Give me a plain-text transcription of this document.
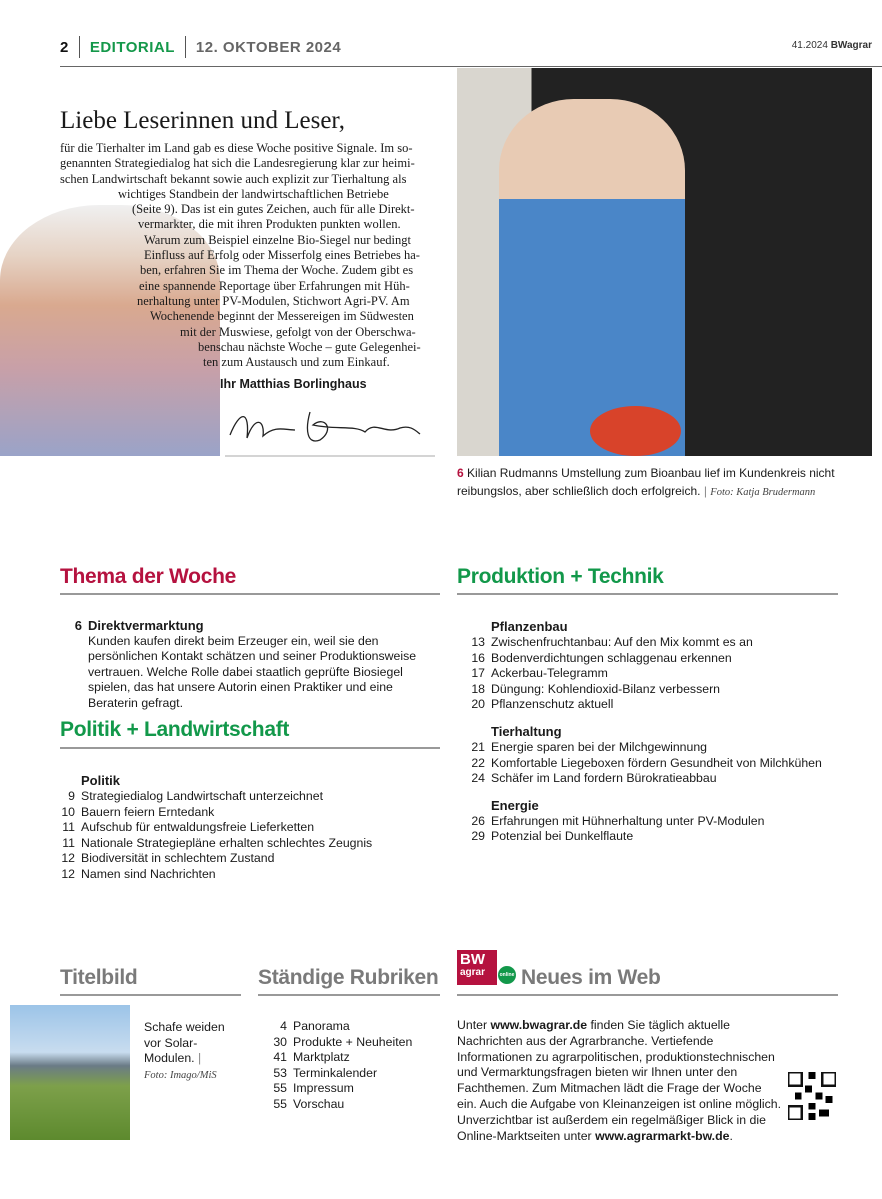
2 EDITORIAL 12. OKTOBER 2024	41.2024 BWagrar
Liebe Leserinnen und Leser,
für die Tierhalter im Land gab es diese Woche positive Signale. Im so-
genannten Strategiedialog hat sich die Landesregierung klar zur heimi-
schen Landwirtschaft bekannt sowie auch explizit zur Tierhaltung als
wichtiges Standbein der landwirtschaftlichen Betriebe
(Seite 9). Das ist ein gutes Zeichen, auch für alle Direkt-
vermarkter, die mit ihren Produkten punkten wollen.
Warum zum Beispiel einzelne Bio-Siegel nur bedingt
Einfluss auf Erfolg oder Misserfolg eines Betriebes ha-
ben, erfahren Sie im Thema der Woche. Zudem gibt es
eine spannende Reportage über Erfahrungen mit Hüh-
nerhaltung unter PV-Modulen, Stichwort Agri-PV. Am
Wochenende beginnt der Messereigen im Südwesten
mit der Muswiese, gefolgt von der Oberschwa-
benschau nächste Woche – gute Gelegenhei-
ten zum Austausch und zum Einkauf.
Ihr Matthias Borlinghaus
6 Kilian Rudmanns Umstellung zum Bioanbau lief im Kundenkreis nicht reibungslos, aber schließlich doch erfolgreich. | Foto: Katja Brudermann
Thema der Woche
6 Direktvermarktung
Kunden kaufen direkt beim Erzeuger ein, weil sie den persönlichen Kontakt schätzen und seiner Produktionsweise vertrauen. Welche Rolle dabei staatlich geprüfte Biosiegel spielen, das hat unsere Autorin einen Praktiker und eine Beraterin gefragt.
Politik + Landwirtschaft
Politik
9 Strategiedialog Landwirtschaft unterzeichnet
10 Bauern feiern Erntedank
11 Aufschub für entwaldungsfreie Lieferketten
11 Nationale Strategiepläne erhalten schlechtes Zeugnis
12 Biodiversität in schlechtem Zustand
12 Namen sind Nachrichten
Produktion + Technik
Pflanzenbau
13 Zwischenfruchtanbau: Auf den Mix kommt es an
16 Bodenverdichtungen schlaggenau erkennen
17 Ackerbau-Telegramm
18 Düngung: Kohlendioxid-Bilanz verbessern
20 Pflanzenschutz aktuell
Tierhaltung
21 Energie sparen bei der Milchgewinnung
22 Komfortable Liegeboxen fördern Gesundheit von Milchkühen
24 Schäfer im Land fordern Bürokratieabbau
Energie
26 Erfahrungen mit Hühnerhaltung unter PV-Modulen
29 Potenzial bei Dunkelflaute
Titelbild
Schafe weiden vor Solar-Modulen. |
Foto: Imago/MiS
Ständige Rubriken
4 Panorama
30 Produkte + Neuheiten
41 Marktplatz
53 Terminkalender
55 Impressum
55 Vorschau
BW
agrar	online Neues im Web
Unter www.bwagrar.de finden Sie täglich aktuelle Nachrichten aus der Agrarbranche. Vertiefende Informationen zu agrarpolitischen, produktionstechnischen und Vermarktungsfragen bieten wir Ihnen unter den Fachthemen. Zum Mitmachen lädt die Frage der Woche ein. Auch die Aufgabe von Kleinanzeigen ist online möglich. Unverzichtbar ist außerdem ein regelmäßiger Blick in die Online-Marktseiten unter www.agrarmarkt-bw.de.
